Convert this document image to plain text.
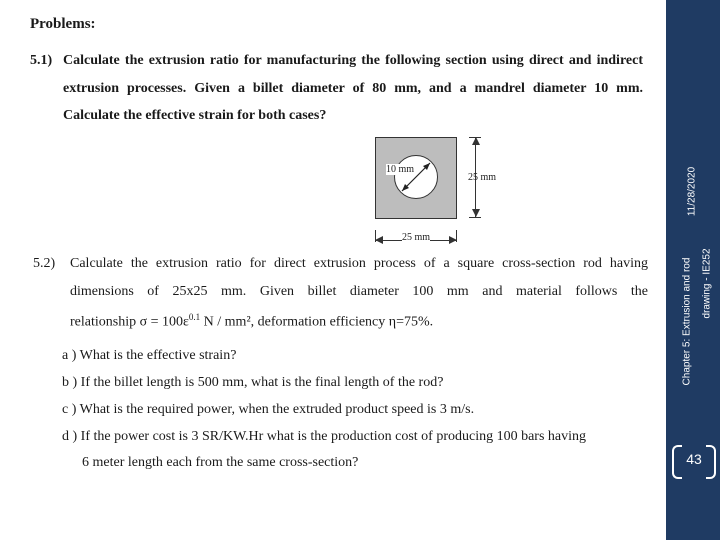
11/28/2020
Chapter 5: Extrusion and rod drawing - IE252
43
Problems:
5.1) Calculate the extrusion ratio for manufacturing the following section using direct and indirect
extrusion processes. Given a billet diameter of 80 mm, and a mandrel diameter 10 mm.
Calculate the effective strain for both cases?
10 mm
25 mm
25 mm
5.2) Calculate the extrusion ratio for direct extrusion process of a square cross-section rod having
dimensions of 25x25 mm. Given billet diameter 100 mm and material follows the
relationship $\sigma = 100\varepsilon^{0.1}$ N / mm², deformation efficiency η=75%.
a ) What is the effective strain?
b ) If the billet length is 500 mm, what is the final length of the rod?
c ) What is the required power, when the extruded product speed is 3 m/s.
d ) If the power cost is 3 SR/KW.Hr what is the production cost of producing 100 bars having
6 meter length each from the same cross-section?
